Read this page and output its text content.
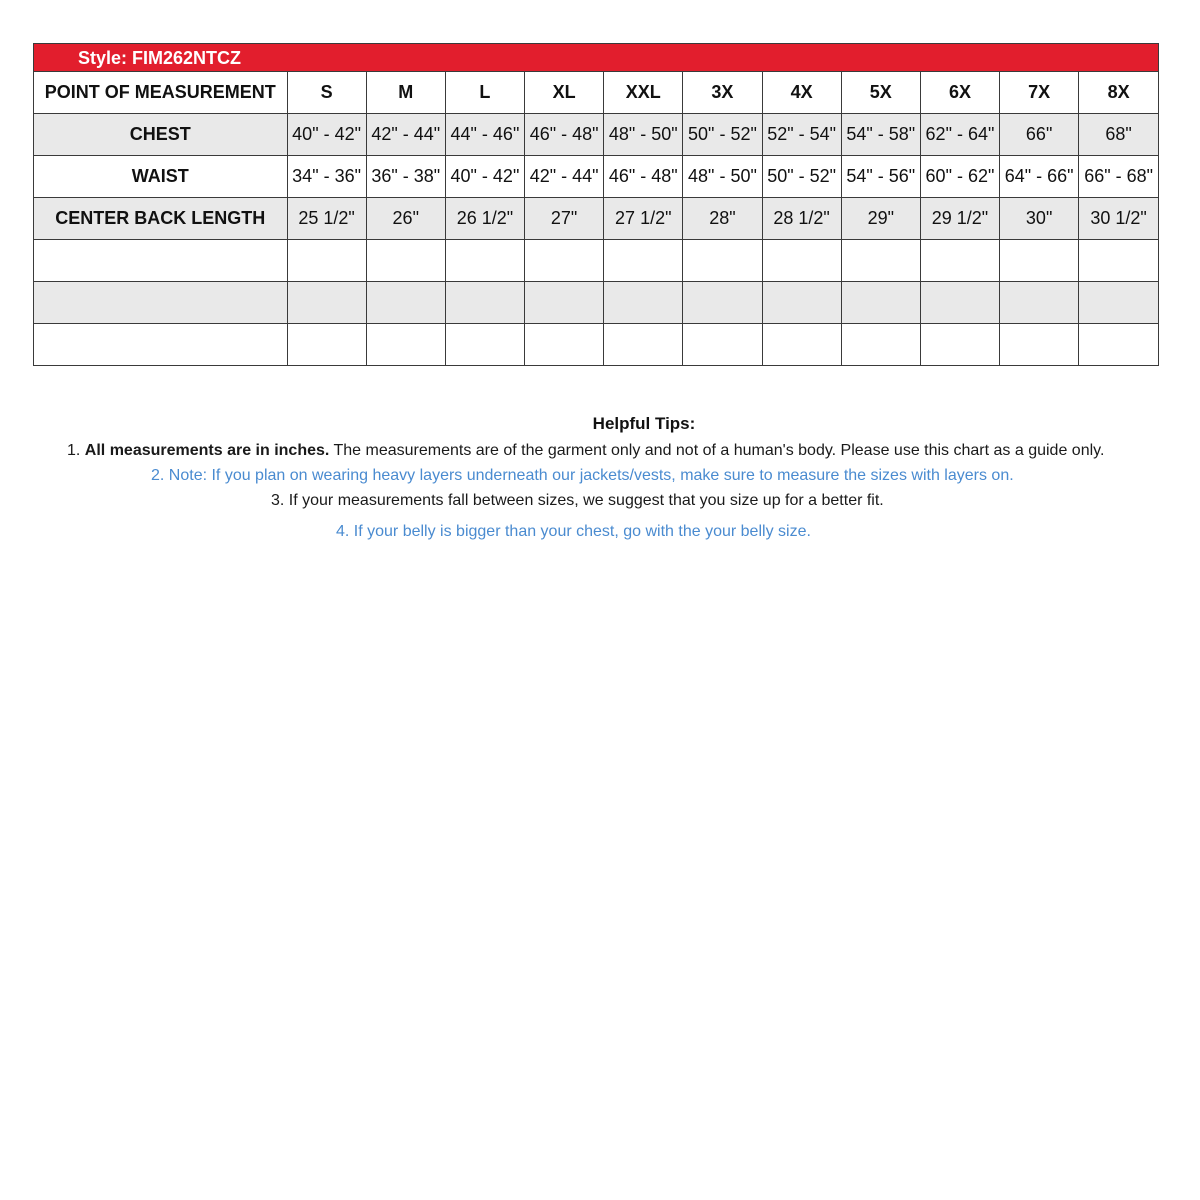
Style: FIM262NTCZ
POINT OF MEASUREMENT	S	M	L	XL	XXL	3X	4X	5X	6X	7X	8X
CHEST	40" - 42"	42" - 44"	44" - 46"	46" - 48"	48" - 50"	50" - 52"	52" - 54"	54" - 58"	62" - 64"	66"	68"
WAIST	34" - 36"	36" - 38"	40" - 42"	42" - 44"	46" - 48"	48" - 50"	50" - 52"	54" - 56"	60" - 62"	64" - 66"	66" - 68"
CENTER BACK LENGTH	25 1/2"	26"	26 1/2"	27"	27 1/2"	28"	28 1/2"	29"	29 1/2"	30"	30 1/2"

Helpful Tips:
1. All measurements are in inches. The measurements are of the garment only and not of a human's body. Please use this chart as a guide only.
2. Note: If you plan on wearing heavy layers underneath our jackets/vests, make sure to measure the sizes with layers on.
3. If your measurements fall between sizes, we suggest that you size up for a better fit.
4. If your belly is bigger than your chest, go with the your belly size.
